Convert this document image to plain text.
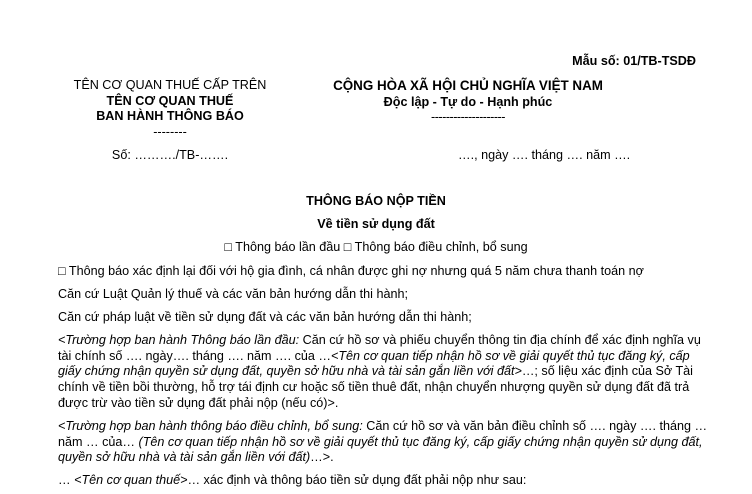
Mẫu số: 01/TB-TSDĐ
TÊN CƠ QUAN THUẾ CẤP TRÊN
TÊN CƠ QUAN THUẾ
BAN HÀNH THÔNG BÁO
--------
CỘNG HÒA XÃ HỘI CHỦ NGHĨA VIỆT NAM
Độc lập - Tự do - Hạnh phúc
--------------------
Số: ………./TB-…….	…., ngày …. tháng …. năm ….
THÔNG BÁO NỘP TIỀN
Về tiền sử dụng đất
□ Thông báo lần đầu □ Thông báo điều chỉnh, bổ sung
□ Thông báo xác định lại đối với hộ gia đình, cá nhân được ghi nợ nhưng quá 5 năm chưa thanh toán nợ
Căn cứ Luật Quản lý thuế và các văn bản hướng dẫn thi hành;
Căn cứ pháp luật về tiền sử dụng đất và các văn bản hướng dẫn thi hành;
<Trường hợp ban hành Thông báo lần đầu: Căn cứ hồ sơ và phiếu chuyển thông tin địa chính để xác định nghĩa vụ tài chính số …. ngày…. tháng …. năm …. của …<Tên cơ quan tiếp nhận hồ sơ về giải quyết thủ tục đăng ký, cấp giấy chứng nhận quyền sử dụng đất, quyền sở hữu nhà và tài sản gắn liền với đất>…; số liệu xác định của Sở Tài chính về tiền bồi thường, hỗ trợ tái định cư hoặc số tiền thuê đất, nhận chuyển nhượng quyền sử dụng đất đã trả được trừ vào tiền sử dụng đất phải nộp (nếu có)>.
<Trường hợp ban hành thông báo điều chỉnh, bổ sung: Căn cứ hồ sơ và văn bản điều chỉnh số …. ngày …. tháng … năm … của… (Tên cơ quan tiếp nhận hồ sơ về giải quyết thủ tục đăng ký, cấp giấy chứng nhận quyền sử dụng đất, quyền sở hữu nhà và tài sản gắn liền với đất)…>.
… <Tên cơ quan thuế>… xác định và thông báo tiền sử dụng đất phải nộp như sau:
